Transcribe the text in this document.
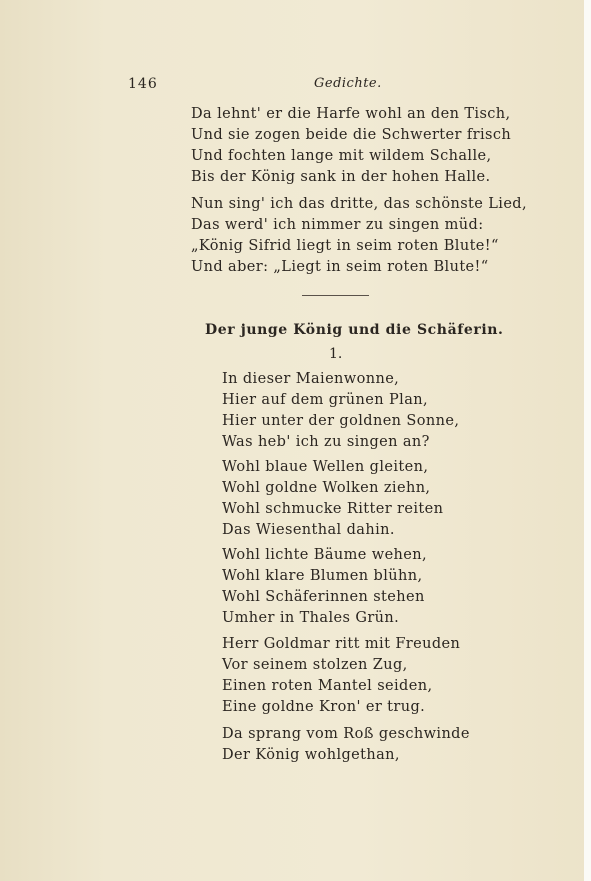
146	Gedichte.
Da lehnt' er die Harfe wohl an den Tisch,
Und sie zogen beide die Schwerter frisch
Und fochten lange mit wildem Schalle,
Bis der König sank in der hohen Halle.
Nun sing' ich das dritte, das schönste Lied,
Das werd' ich nimmer zu singen müd:
„König Sifrid liegt in seim roten Blute!“
Und aber: „Liegt in seim roten Blute!“
Der junge König und die Schäferin.
1.
In dieser Maienwonne,
Hier auf dem grünen Plan,
Hier unter der goldnen Sonne,
Was heb' ich zu singen an?
Wohl blaue Wellen gleiten,
Wohl goldne Wolken ziehn,
Wohl schmucke Ritter reiten
Das Wiesenthal dahin.
Wohl lichte Bäume wehen,
Wohl klare Blumen blühn,
Wohl Schäferinnen stehen
Umher in Thales Grün.
Herr Goldmar ritt mit Freuden
Vor seinem stolzen Zug,
Einen roten Mantel seiden,
Eine goldne Kron' er trug.
Da sprang vom Roß geschwinde
Der König wohlgethan,
